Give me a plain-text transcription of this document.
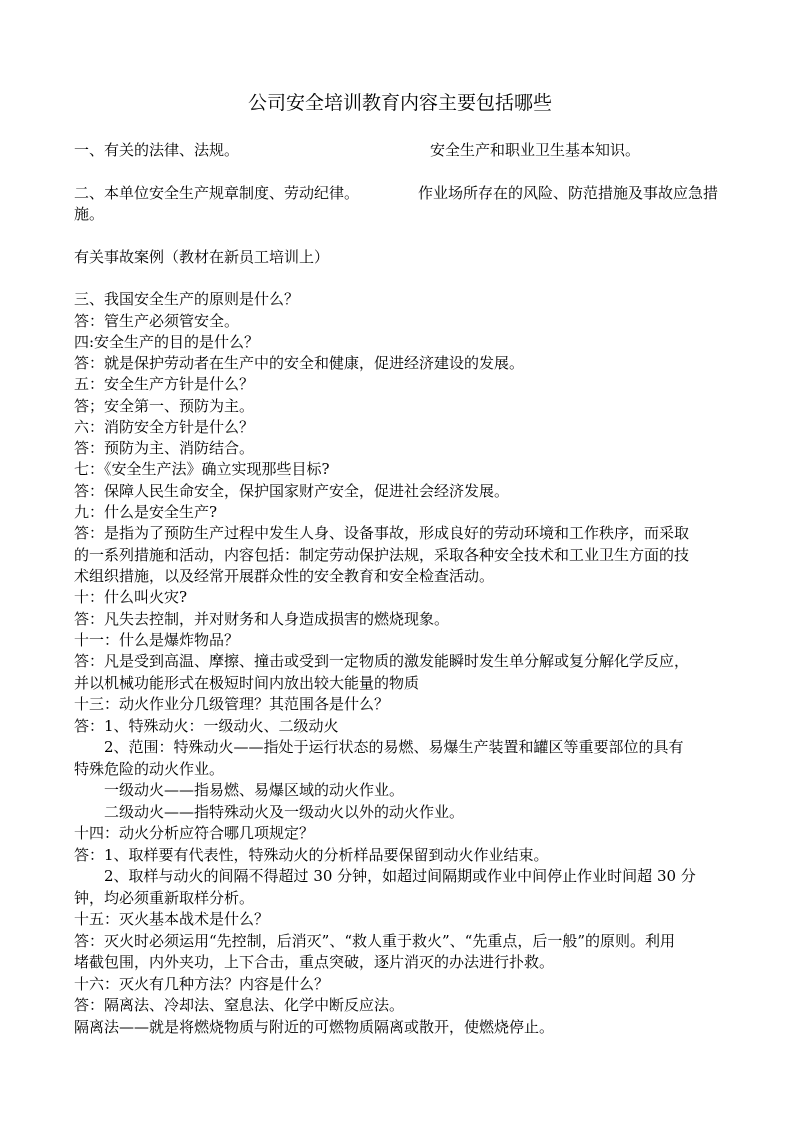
公司安全培训教育内容主要包括哪些
一、有关的法律、法规。	安全生产和职业卫生基本知识。
二、本单位安全生产规章制度、劳动纪律。	作业场所存在的风险、防范措施及事故应急措
施。
有关事故案例（教材在新员工培训上）
三、我国安全生产的原则是什么？
答：管生产必须管安全。
四:安全生产的目的是什么？
答：就是保护劳动者在生产中的安全和健康，促进经济建设的发展。
五：安全生产方针是什么？
答；安全第一、预防为主。
六：消防安全方针是什么？
答：预防为主、消防结合。
七：《安全生产法》确立实现那些目标?
答：保障人民生命安全，保护国家财产安全，促进社会经济发展。
九：什么是安全生产?
答：是指为了预防生产过程中发生人身、设备事故，形成良好的劳动环境和工作秩序，而采取
的一系列措施和活动，内容包括：制定劳动保护法规，采取各种安全技术和工业卫生方面的技
术组织措施，以及经常开展群众性的安全教育和安全检查活动。
十：什么叫火灾?
答：凡失去控制，并对财务和人身造成损害的燃烧现象。
十一：什么是爆炸物品？
答：凡是受到高温、摩擦、撞击或受到一定物质的激发能瞬时发生单分解或复分解化学反应，
并以机械功能形式在极短时间内放出较大能量的物质
十三：动火作业分几级管理？其范围各是什么？
答：1、特殊动火：一级动火、二级动火
　　2、范围：特殊动火——指处于运行状态的易燃、易爆生产装置和罐区等重要部位的具有
特殊危险的动火作业。
　　一级动火——指易燃、易爆区域的动火作业。
　　二级动火——指特殊动火及一级动火以外的动火作业。
十四：动火分析应符合哪几项规定？
答：1、取样要有代表性，特殊动火的分析样品要保留到动火作业结束。
　　2、取样与动火的间隔不得超过 30 分钟，如超过间隔期或作业中间停止作业时间超 30 分
钟，均必须重新取样分析。
十五：灭火基本战术是什么？
答：灭火时必须运用“先控制，后消灭”、“救人重于救火”、“先重点，后一般”的原则。利用
堵截包围，内外夹功，上下合击，重点突破，逐片消灭的办法进行扑救。
十六：灭火有几种方法？内容是什么？
答：隔离法、冷却法、窒息法、化学中断反应法。
隔离法——就是将燃烧物质与附近的可燃物质隔离或散开，使燃烧停止。
